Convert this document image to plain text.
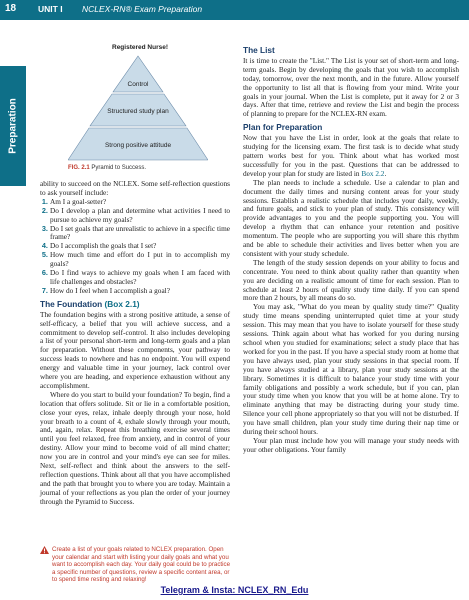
18	UNIT I NCLEX-RN® Exam Preparation
Preparation
Registered Nurse!
Control
Structured study plan
Strong positive attitude
FIG. 2.1 Pyramid to Success.

ability to succeed on the NCLEX. Some self-reflection questions to ask yourself include:

1. Am I a goal-setter?
2. Do I develop a plan and determine what activities I need to pursue to achieve my goals?
3. Do I set goals that are unrealistic to achieve in a specific time frame?
4. Do I accomplish the goals that I set?
5. How much time and effort do I put in to accomplish my goals?
6. Do I find ways to achieve my goals when I am faced with life challenges and obstacles?
7. How do I feel when I accomplish a goal?
The Foundation (Box 2.1)

The foundation begins with a strong positive attitude, a sense of self-efficacy, a belief that you will achieve success, and a commitment to develop self-control. It also includes developing a list of your personal short-term and long-term goals and a plan for preparation. Without these components, your pathway to success leads to nowhere and has no endpoint. You will expend energy and valuable time in your journey, lack control over where you are heading, and experience exhaustion without any accomplishment.

Where do you start to build your foundation? To begin, find a location that offers solitude. Sit or lie in a comfortable position, close your eyes, relax, inhale deeply through your nose, hold your breath to a count of 4, exhale slowly through your mouth, and, again, relax. Repeat this breathing exercise several times until you feel relaxed, free from anxiety, and in control of your destiny. Allow your mind to become void of all mind chatter; now you are in control and your mind's eye can see for miles. Next, self-reflect and think about the answers to the self-reflection questions. Think about all that you have accomplished and the path that brought you to where you are today. Maintain a journal of your reflections as you plan the order of your journey through the Pyramid to Success.

Create a list of your goals related to NCLEX preparation. Open your calendar and start with listing your daily goals and what you want to accomplish each day. Your daily goal could be to practice a specific number of questions, review a specific content area, or to spend time resting and relaxing!
The List

It is time to create the "List." The List is your set of short-term and long-term goals. Begin by developing the goals that you wish to accomplish today, tomorrow, over the next month, and in the future. Allow yourself the opportunity to list all that is flowing from your mind. Write your goals in your journal. When the List is complete, put it away for 2 or 3 days. After that time, retrieve and review the List and begin the process of planning to prepare for the NCLEX-RN exam.

Plan for Preparation

Now that you have the List in order, look at the goals that relate to studying for the licensing exam. The first task is to decide what study pattern works best for you. Think about what has worked most successfully for you in the past. Questions that can be addressed to develop your plan for study are listed in Box 2.2.

The plan needs to include a schedule. Use a calendar to plan and document the daily times and nursing content areas for your study sessions. Establish a realistic schedule that includes your daily, weekly, and future goals, and stick to your plan of study. This consistency will provide advantages to you and the people supporting you. You will develop a rhythm that can enhance your retention and positive momentum. The people who are supporting you will share this rhythm and be able to schedule their activities and lives better when you are consistent with your study schedule.

The length of the study session depends on your ability to focus and concentrate. You need to think about quality rather than quantity when you are deciding on a realistic amount of time for each session. Plan to schedule at least 2 hours of quality study time daily. If you can spend more than 2 hours, by all means do so.

You may ask, "What do you mean by quality study time?" Quality study time means spending uninterrupted quiet time at your study session. This may mean that you have to isolate yourself for these study sessions. Think again about what has worked for you during nursing school when you studied for examinations; select a study place that has worked for you in the past. If you have a special study room at home that you have always used, plan your study sessions in that special room. If you have always studied at a library, plan your study sessions at the library. Sometimes it is difficult to balance your study time with your family obligations and possibly a work schedule, but if you can, plan your study time when you know that you will be at home alone. Try to eliminate anything that may be distracting during your study time. Silence your cell phone appropriately so that you will not be disturbed. If you have small children, plan your study time during their nap time or during their school hours.

Your plan must include how you will manage your study needs with your other obligations. Your family

Telegram & Insta: NCLEX_RN_Edu
